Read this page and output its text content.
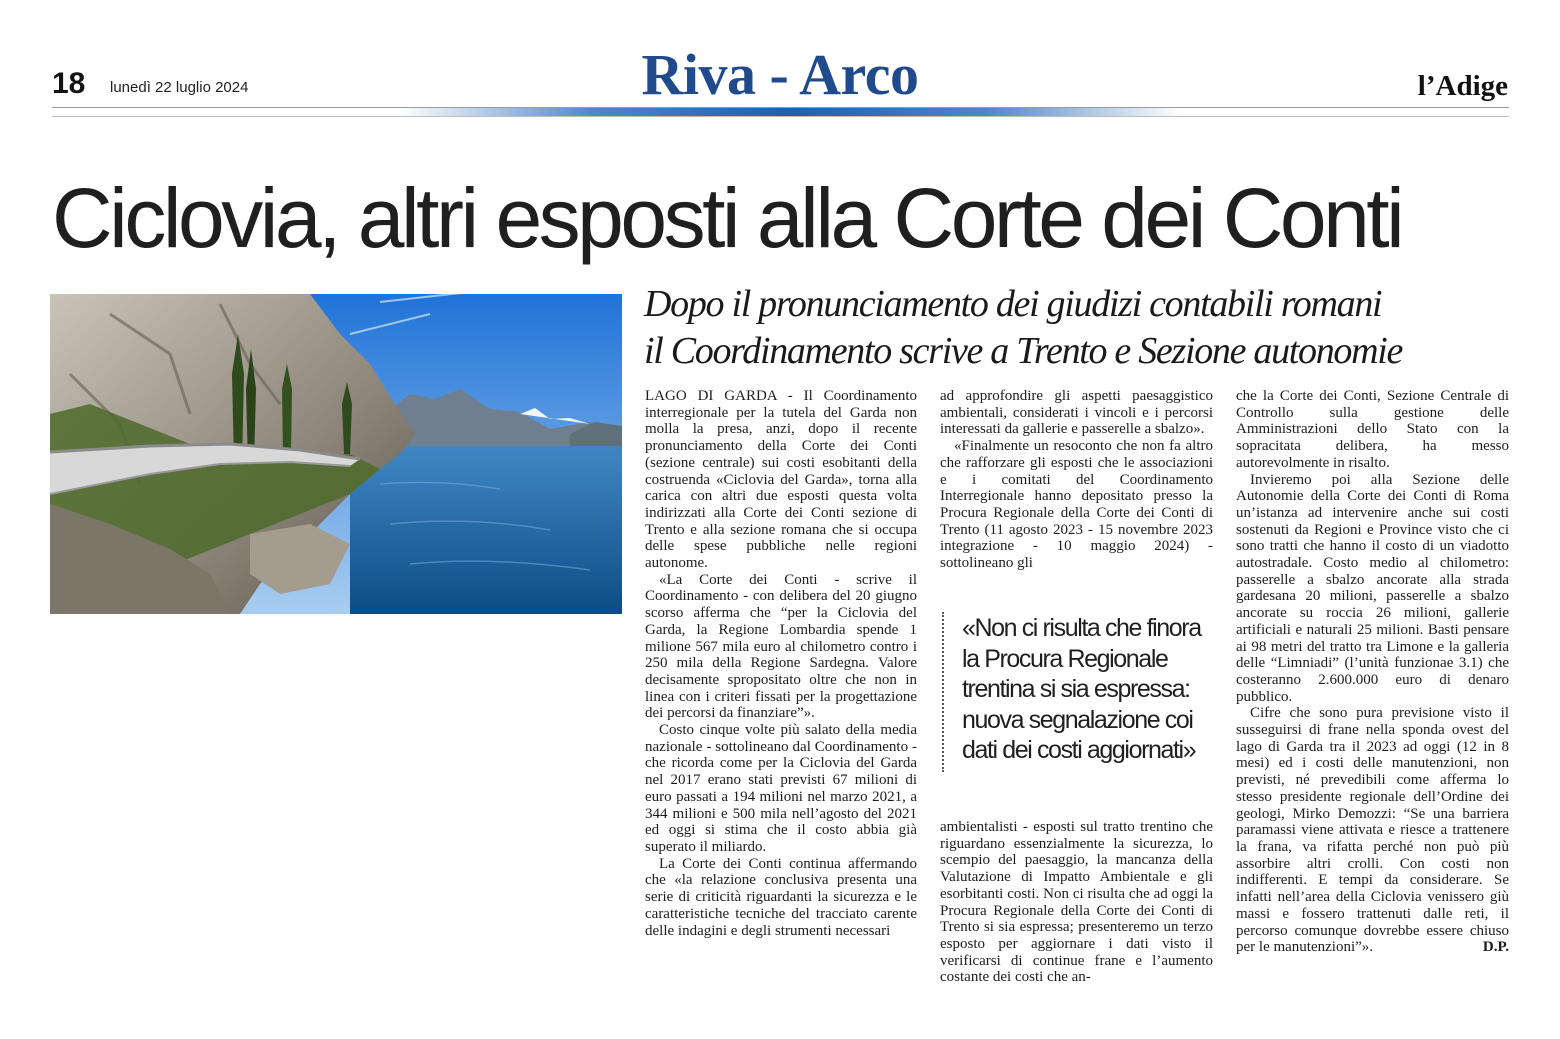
18 lunedì 22 luglio 2024	Riva - Arco	l’Adige
Ciclovia, altri esposti alla Corte dei Conti
Dopo il pronunciamento dei giudizi contabili romani
il Coordinamento scrive a Trento e Sezione autonomie

LAGO DI GARDA - Il Coordinamento interregionale per la tutela del Garda non molla la presa, anzi, dopo il recente pronunciamento della Corte dei Conti (sezione centrale) sui costi esobitanti della costruenda «Ciclovia del Garda», torna alla carica con altri due esposti questa volta indirizzati alla Corte dei Conti sezione di Trento e alla sezione romana che si occupa delle spese pubbliche nelle regioni autonome.

«La Corte dei Conti - scrive il Coordinamento - con delibera del 20 giugno scorso afferma che “per la Ciclovia del Garda, la Regione Lombardia spende 1 milione 567 mila euro al chilometro contro i 250 mila della Regione Sardegna. Valore decisamente spropositato oltre che non in linea con i criteri fissati per la progettazione dei percorsi da finanziare”».

Costo cinque volte più salato della media nazionale - sottolineano dal Coordinamento - che ricorda come per la Ciclovia del Garda nel 2017 erano stati previsti 67 milioni di euro passati a 194 milioni nel marzo 2021, a 344 milioni e 500 mila nell’agosto del 2021 ed oggi si stima che il costo abbia già superato il miliardo.

La Corte dei Conti continua affermando che «la relazione conclusiva presenta una serie di criticità riguardanti la sicurezza e le caratteristiche tecniche del tracciato carente delle indagini e degli strumenti necessari

ad approfondire gli aspetti paesaggistico ambientali, considerati i vincoli e i percorsi interessati da gallerie e passerelle a sbalzo».

«Finalmente un resoconto che non fa altro che rafforzare gli esposti che le associazioni e i comitati del Coordinamento Interregionale hanno depositato presso la Procura Regionale della Corte dei Conti di Trento (11 agosto 2023 - 15 novembre 2023 integrazione - 10 maggio 2024) - sottolineano gli

«Non ci risulta che finora
la Procura Regionale
trentina si sia espressa:
nuova segnalazione coi
dati dei costi aggiornati»

ambientalisti - esposti sul tratto trentino che riguardano essenzialmente la sicurezza, lo scempio del paesaggio, la mancanza della Valutazione di Impatto Ambientale e gli esorbitanti costi. Non ci risulta che ad oggi la Procura Regionale della Corte dei Conti di Trento si sia espressa; presenteremo un terzo esposto per aggiornare i dati visto il verificarsi di continue frane e l’aumento costante dei costi che an-

che la Corte dei Conti, Sezione Centrale di Controllo sulla gestione delle Amministrazioni dello Stato con la sopracitata delibera, ha messo autorevolmente in risalto.

Invieremo poi alla Sezione delle Autonomie della Corte dei Conti di Roma un’istanza ad intervenire anche sui costi sostenuti da Regioni e Province visto che ci sono tratti che hanno il costo di un viadotto autostradale. Costo medio al chilometro: passerelle a sbalzo ancorate alla strada gardesana 20 milioni, passerelle a sbalzo ancorate su roccia 26 milioni, gallerie artificiali e naturali 25 milioni. Basti pensare ai 98 metri del tratto tra Limone e la galleria delle “Limniadi” (l’unità funzionae 3.1) che costeranno 2.600.000 euro di denaro pubblico.

Cifre che sono pura previsione visto il susseguirsi di frane nella sponda ovest del lago di Garda tra il 2023 ad oggi (12 in 8 mesi) ed i costi delle manutenzioni, non previsti, né prevedibili come afferma lo stesso presidente regionale dell’Ordine dei geologi, Mirko Demozzi: “Se una barriera paramassi viene attivata e riesce a trattenere la frana, va rifatta perché non può più assorbire altri crolli. Con costi non indifferenti. E tempi da considerare. Se infatti nell’area della Ciclovia venissero giù massi e fossero trattenuti dalle reti, il percorso comunque dovrebbe essere chiuso per le manutenzioni”».	D.P.
